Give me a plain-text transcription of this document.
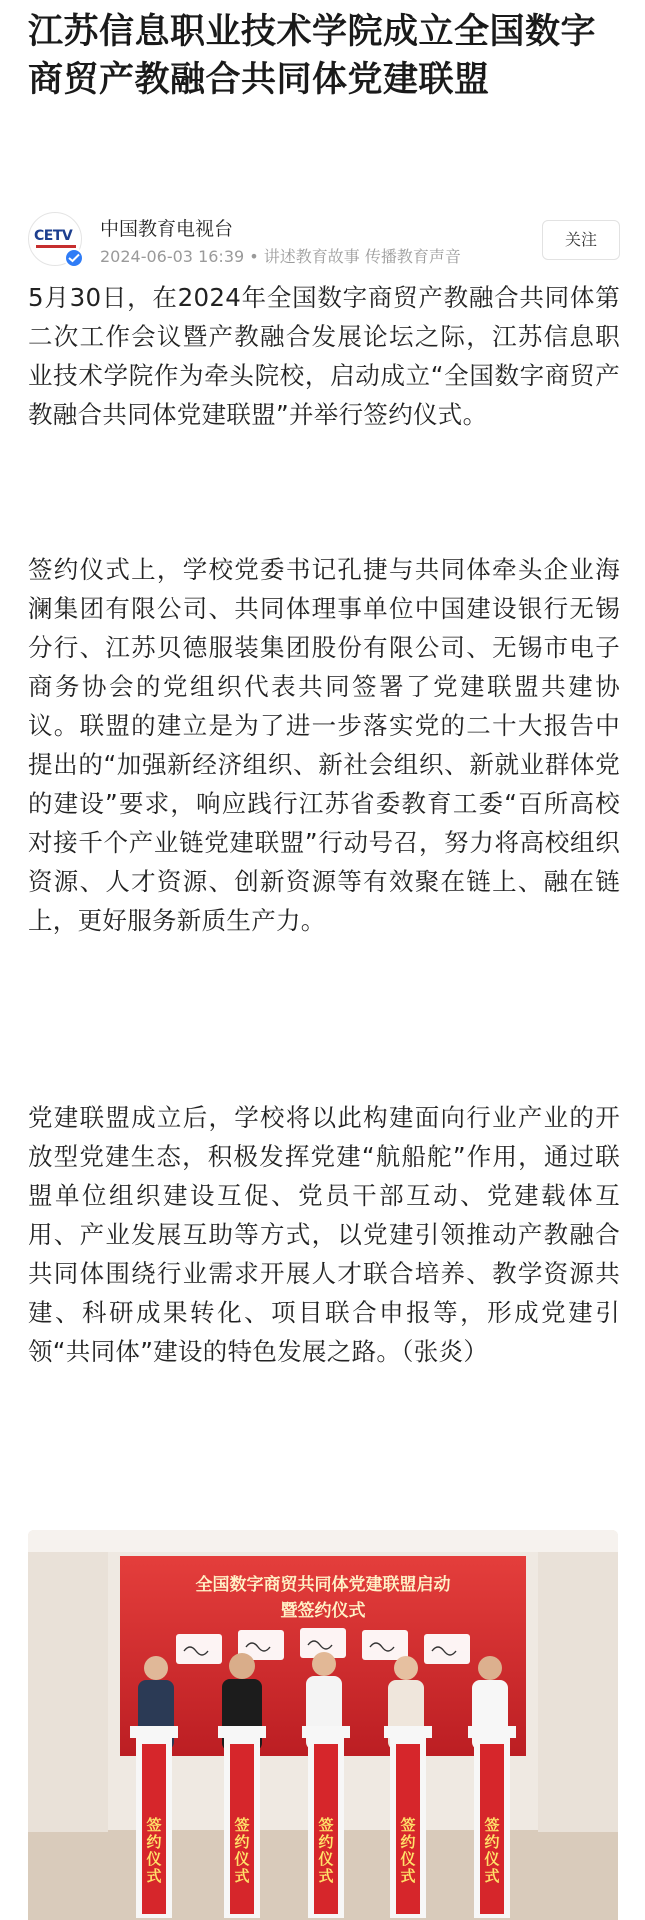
江苏信息职业技术学院成立全国数字商贸产教融合共同体党建联盟
CETV 中国教育电视台
2024-06-03 16:39 • 讲述教育故事 传播教育声音
关注

5月30日，在2024年全国数字商贸产教融合共同体第二次工作会议暨产教融合发展论坛之际，江苏信息职业技术学院作为牵头院校，启动成立“全国数字商贸产教融合共同体党建联盟”并举行签约仪式。

签约仪式上，学校党委书记孔捷与共同体牵头企业海澜集团有限公司、共同体理事单位中国建设银行无锡分行、江苏贝德服装集团股份有限公司、无锡市电子商务协会的党组织代表共同签署了党建联盟共建协议。联盟的建立是为了进一步落实党的二十大报告中提出的“加强新经济组织、新社会组织、新就业群体党的建设”要求，响应践行江苏省委教育工委“百所高校对接千个产业链党建联盟”行动号召，努力将高校组织资源、人才资源、创新资源等有效聚在链上、融在链上，更好服务新质生产力。

党建联盟成立后，学校将以此构建面向行业产业的开放型党建生态，积极发挥党建“航船舵”作用，通过联盟单位组织建设互促、党员干部互动、党建载体互用、产业发展互助等方式，以党建引领推动产教融合共同体围绕行业需求开展人才联合培养、教学资源共建、科研成果转化、项目联合申报等，形成党建引领“共同体”建设的特色发展之路。（张炎）

全国数字商贸共同体党建联盟启动
暨签约仪式
签约仪式
签约仪式
签约仪式
签约仪式
签约仪式
